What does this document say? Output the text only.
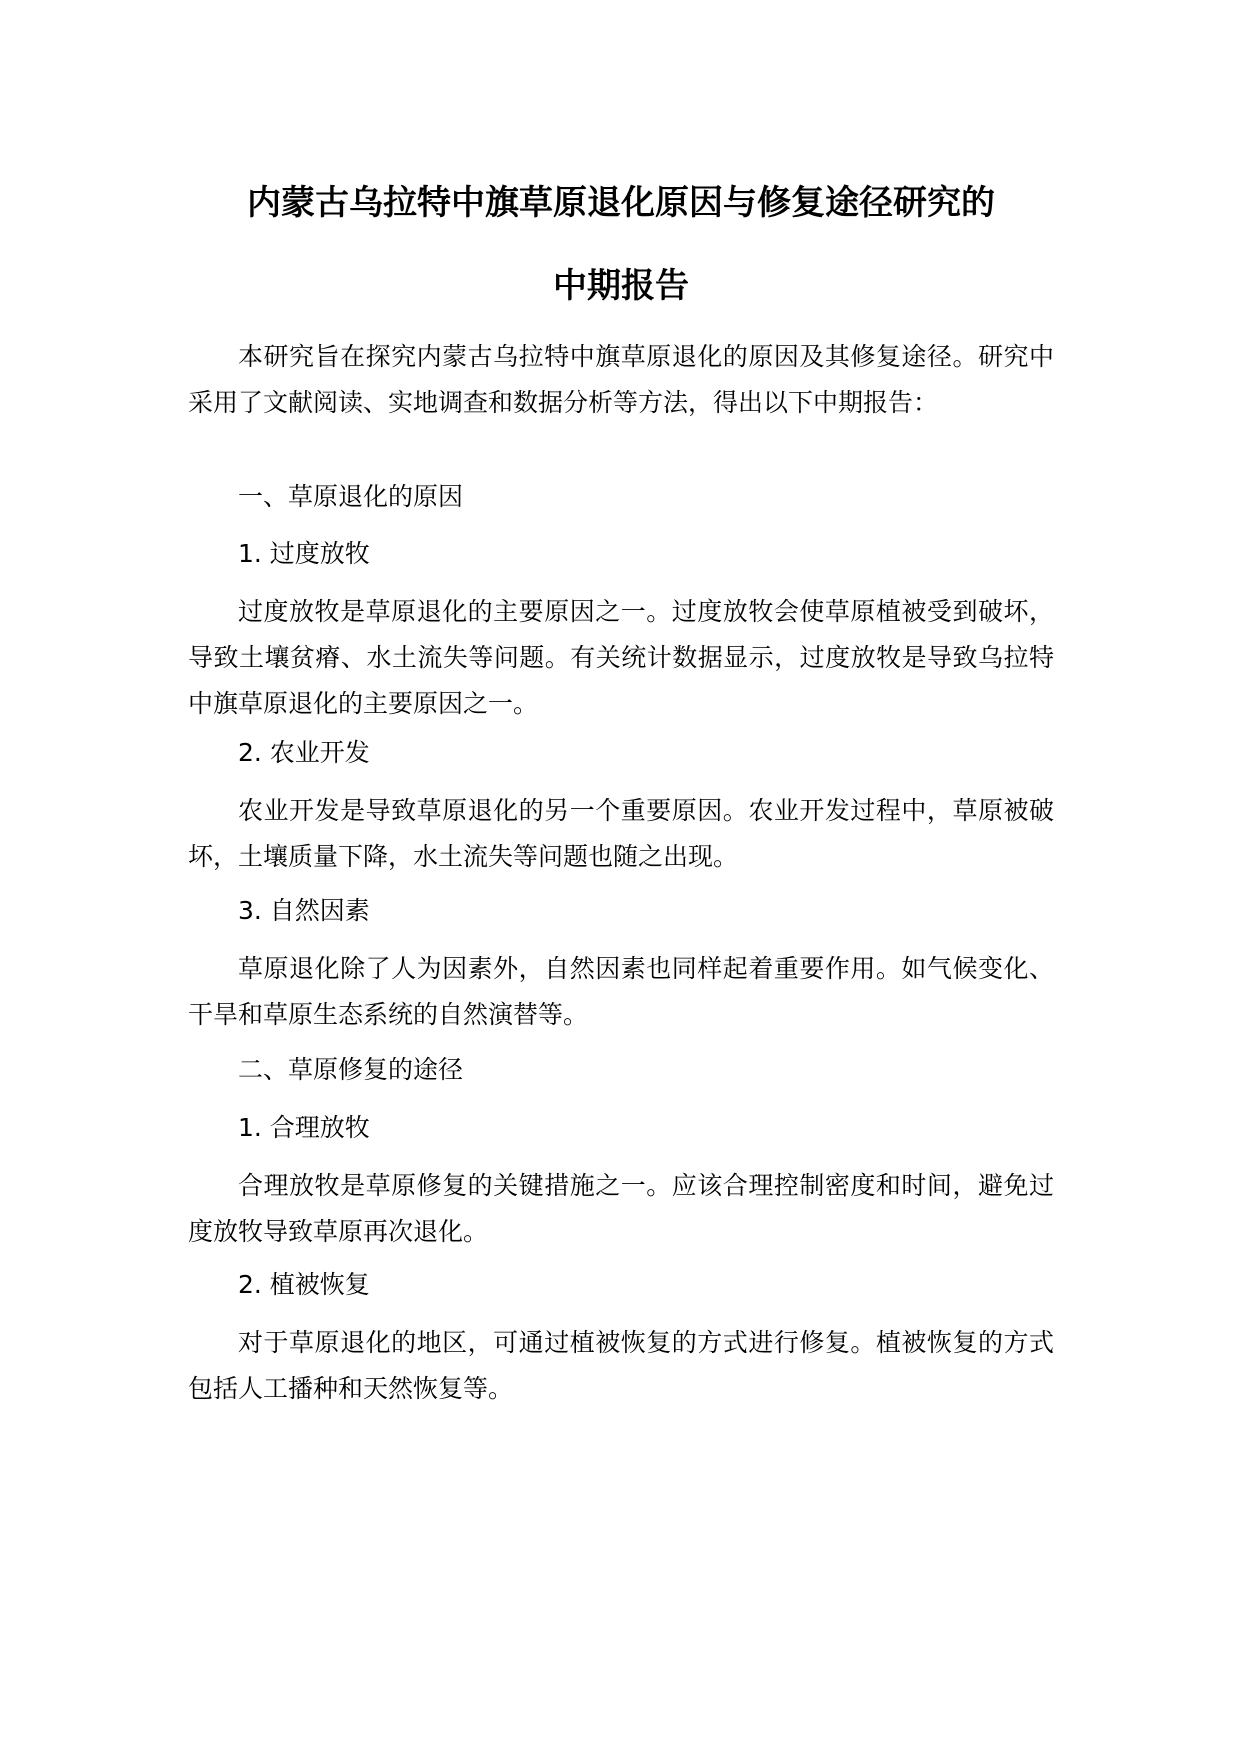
内蒙古乌拉特中旗草原退化原因与修复途径研究的
中期报告

本研究旨在探究内蒙古乌拉特中旗草原退化的原因及其修复途径。研究中采用了文献阅读、实地调查和数据分析等方法，得出以下中期报告：

一、草原退化的原因

1. 过度放牧

过度放牧是草原退化的主要原因之一。过度放牧会使草原植被受到破坏，导致土壤贫瘠、水土流失等问题。有关统计数据显示，过度放牧是导致乌拉特中旗草原退化的主要原因之一。

2. 农业开发

农业开发是导致草原退化的另一个重要原因。农业开发过程中，草原被破坏，土壤质量下降，水土流失等问题也随之出现。

3. 自然因素

草原退化除了人为因素外，自然因素也同样起着重要作用。如气候变化、干旱和草原生态系统的自然演替等。

二、草原修复的途径

1. 合理放牧

合理放牧是草原修复的关键措施之一。应该合理控制密度和时间，避免过度放牧导致草原再次退化。

2. 植被恢复

对于草原退化的地区，可通过植被恢复的方式进行修复。植被恢复的方式包括人工播种和天然恢复等。
